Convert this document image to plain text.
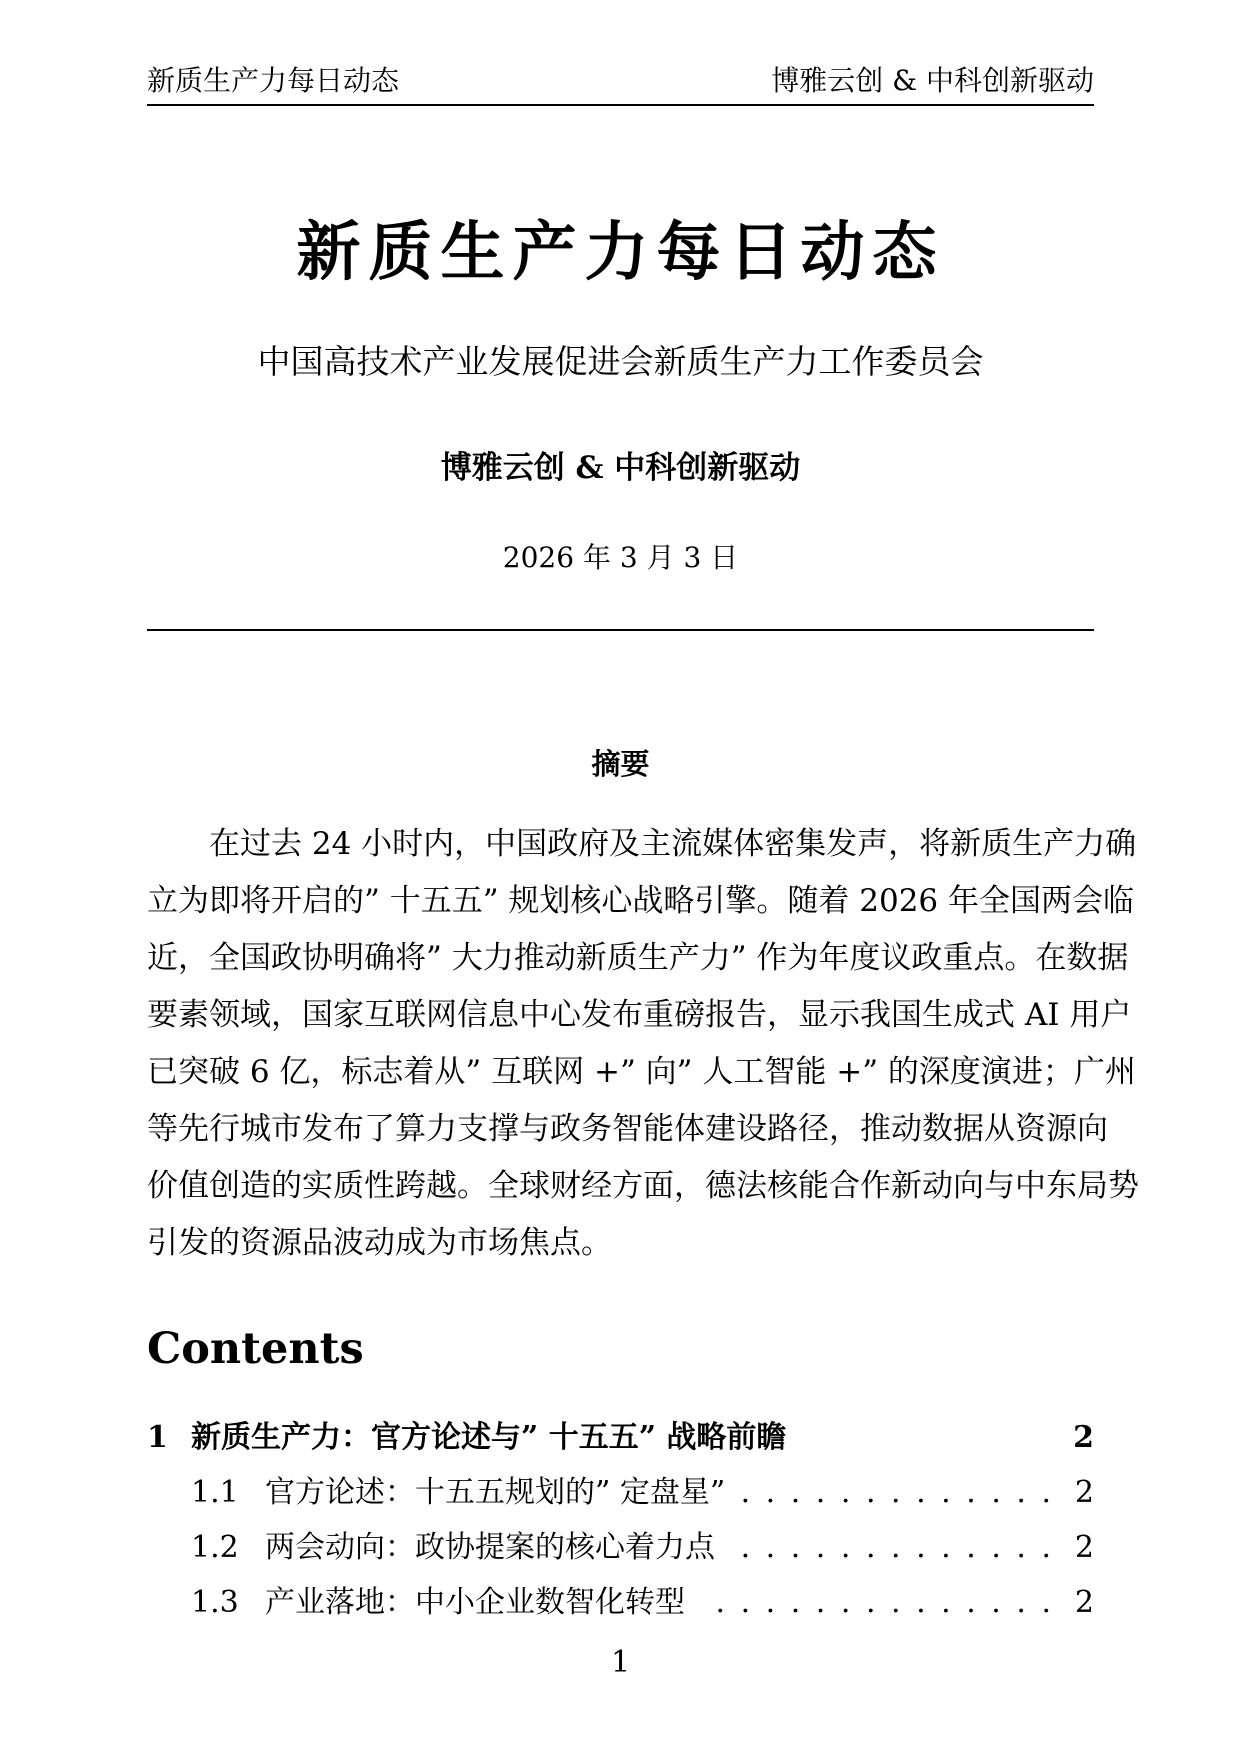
新质生产力每日动态	博雅云创 & 中科创新驱动
新质生产力每日动态
中国高技术产业发展促进会新质生产力工作委员会
博雅云创 & 中科创新驱动
2026 年 3 月 3 日
摘要
在过去 24 小时内，中国政府及主流媒体密集发声，将新质生产力确
立为即将开启的” 十五五” 规划核心战略引擎。随着 2026 年全国两会临
近，全国政协明确将” 大力推动新质生产力” 作为年度议政重点。在数据
要素领域，国家互联网信息中心发布重磅报告，显示我国生成式 AI 用户
已突破 6 亿，标志着从” 互联网 +” 向” 人工智能 +” 的深度演进；广州
等先行城市发布了算力支撑与政务智能体建设路径，推动数据从资源向
价值创造的实质性跨越。全球财经方面，德法核能合作新动向与中东局势
引发的资源品波动成为市场焦点。
Contents
1 新质生产力：官方论述与” 十五五” 战略前瞻	2
1.1 官方论述：十五五规划的” 定盘星” . . . . . . . . . . . . . 2
1.2 两会动向：政协提案的核心着力点 . . . . . . . . . . . . . 2
1.3 产业落地：中小企业数智化转型	. . . . . . . . . . . . . . 2
1
